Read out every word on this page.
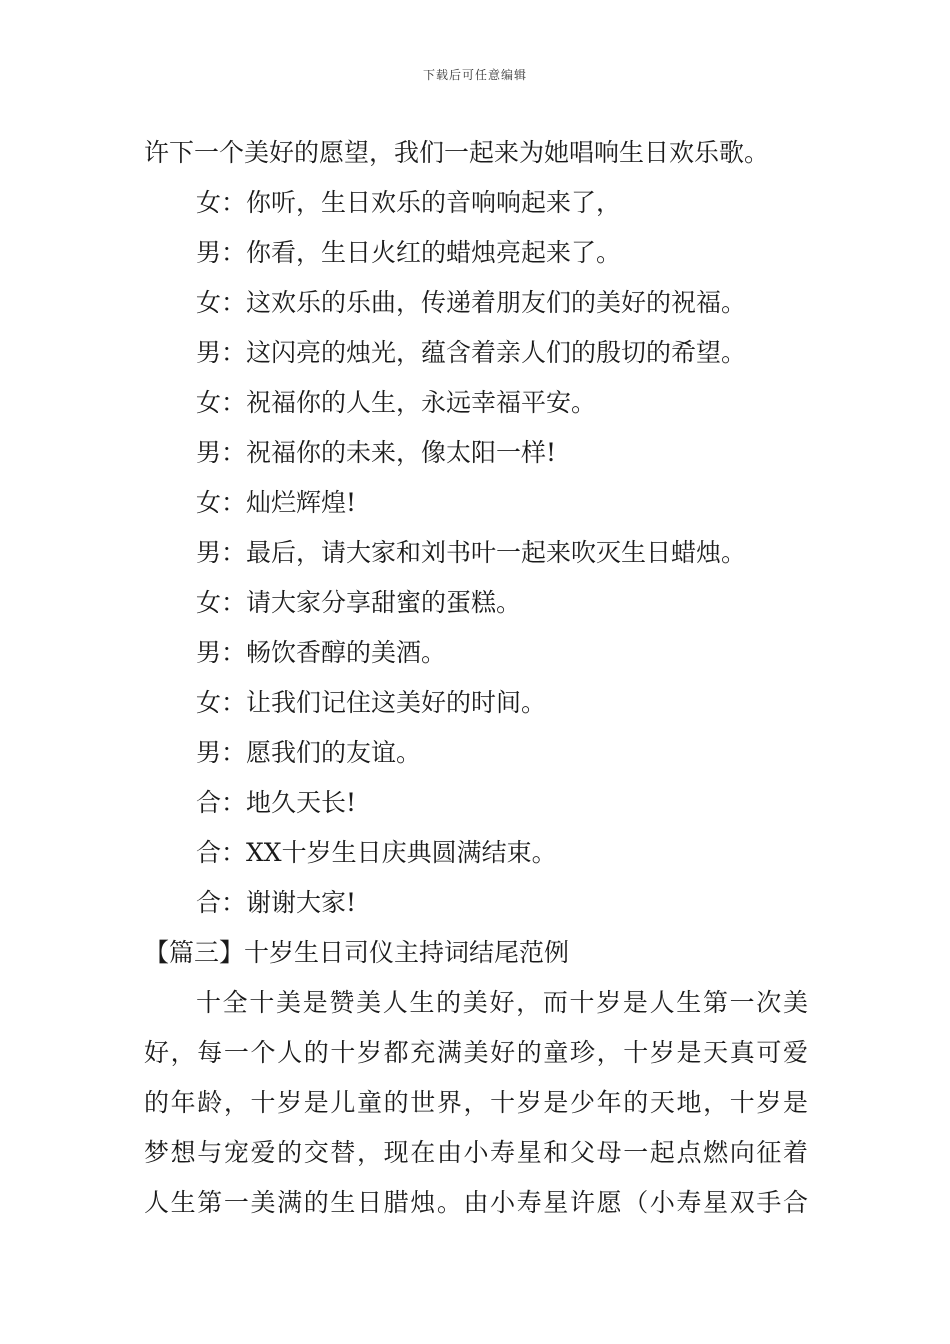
下载后可任意编辑
许下一个美好的愿望，我们一起来为她唱响生日欢乐歌。
女：你听，生日欢乐的音响响起来了，
男：你看，生日火红的蜡烛亮起来了。
女：这欢乐的乐曲，传递着朋友们的美好的祝福。
男：这闪亮的烛光，蕴含着亲人们的殷切的希望。
女：祝福你的人生，永远幸福平安。
男：祝福你的未来，像太阳一样!
女：灿烂辉煌!
男：最后，请大家和刘书叶一起来吹灭生日蜡烛。
女：请大家分享甜蜜的蛋糕。
男：畅饮香醇的美酒。
女：让我们记住这美好的时间。
男：愿我们的友谊。
合：地久天长!
合：XX十岁生日庆典圆满结束。
合：谢谢大家!
【篇三】十岁生日司仪主持词结尾范例
十全十美是赞美人生的美好，而十岁是人生第一次美
好，每一个人的十岁都充满美好的童珍，十岁是天真可爱
的年龄，十岁是儿童的世界，十岁是少年的天地，十岁是
梦想与宠爱的交替，现在由小寿星和父母一起点燃向征着
人生第一美满的生日腊烛。由小寿星许愿（小寿星双手合
